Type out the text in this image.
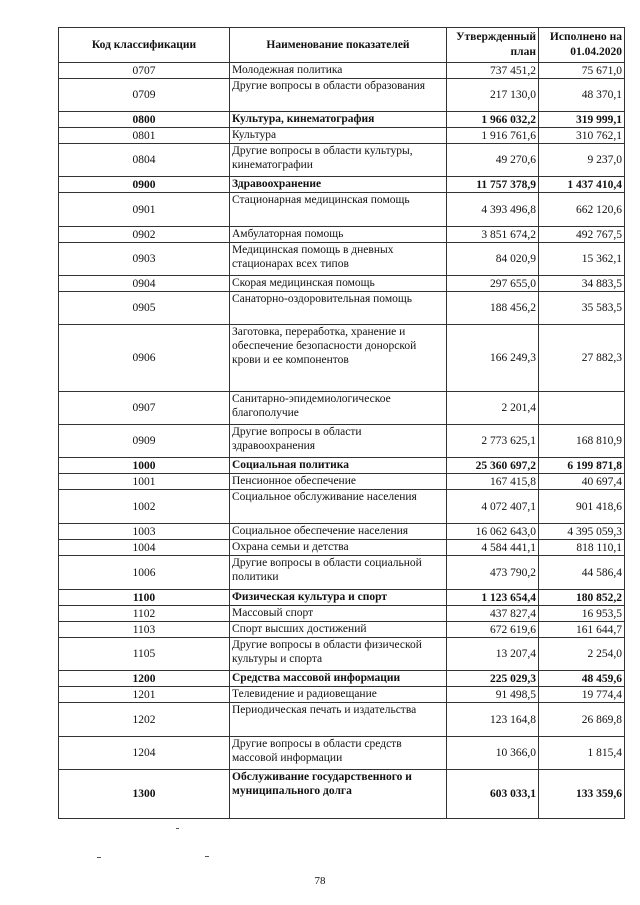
Код классификации	Наименование показателей	Утвержденный план	Исполнено на 01.04.2020
0707	Молодежная политика	737 451,2	75 671,0
0709	Другие вопросы в области образования	217 130,0	48 370,1
0800	Культура, кинематография	1 966 032,2	319 999,1
0801	Культура	1 916 761,6	310 762,1
0804	Другие вопросы в области культуры, кинематографии	49 270,6	9 237,0
0900	Здравоохранение	11 757 378,9	1 437 410,4
0901	Стационарная медицинская помощь	4 393 496,8	662 120,6
0902	Амбулаторная помощь	3 851 674,2	492 767,5
0903	Медицинская помощь в дневных стационарах всех типов	84 020,9	15 362,1
0904	Скорая медицинская помощь	297 655,0	34 883,5
0905	Санаторно-оздоровительная помощь	188 456,2	35 583,5
0906	Заготовка, переработка, хранение и обеспечение безопасности донорской крови и ее компонентов	166 249,3	27 882,3
0907	Санитарно-эпидемиологическое благополучие	2 201,4	
0909	Другие вопросы в области здравоохранения	2 773 625,1	168 810,9
1000	Социальная политика	25 360 697,2	6 199 871,8
1001	Пенсионное обеспечение	167 415,8	40 697,4
1002	Социальное обслуживание населения	4 072 407,1	901 418,6
1003	Социальное обеспечение населения	16 062 643,0	4 395 059,3
1004	Охрана семьи и детства	4 584 441,1	818 110,1
1006	Другие вопросы в области социальной политики	473 790,2	44 586,4
1100	Физическая культура и спорт	1 123 654,4	180 852,2
1102	Массовый спорт	437 827,4	16 953,5
1103	Спорт высших достижений	672 619,6	161 644,7
1105	Другие вопросы в области физической культуры и спорта	13 207,4	2 254,0
1200	Средства массовой информации	225 029,3	48 459,6
1201	Телевидение и радиовещание	91 498,5	19 774,4
1202	Периодическая печать и издательства	123 164,8	26 869,8
1204	Другие вопросы в области средств массовой информации	10 366,0	1 815,4
1300	Обслуживание государственного и муниципального долга	603 033,1	133 359,6
78
